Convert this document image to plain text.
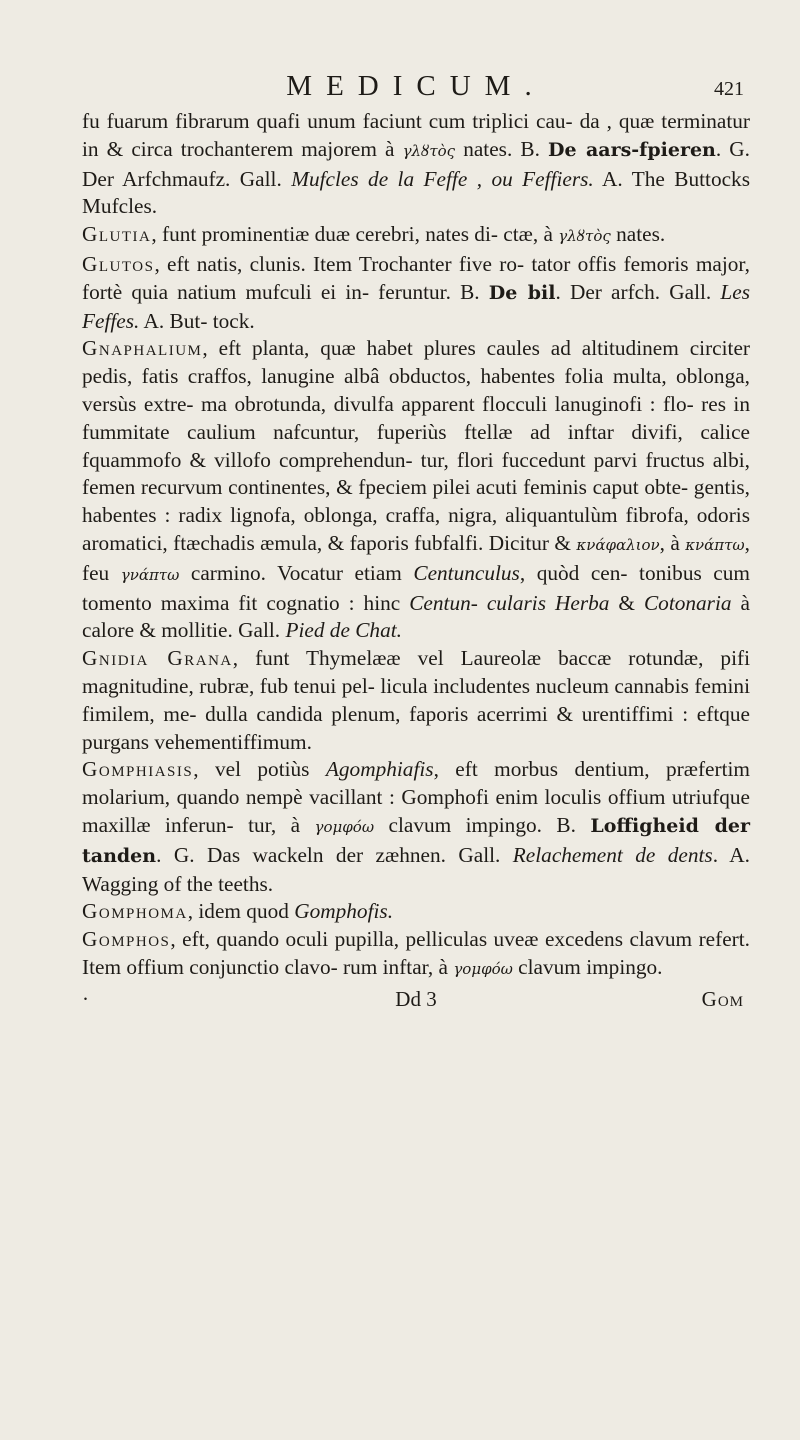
MEDICUM.	421

fu fuarum fibrarum quafi unum faciunt cum triplici cau- da , quæ terminatur in & circa trochanterem majorem à γλȣτὸς nates. B. De aars-fpieren. G. Der Arfchmaufz. Gall. Mufcles de la Feffe , ou Feffiers. A. The Buttocks Mufcles.

Glutia, funt prominentiæ duæ cerebri, nates di- ctæ, à γλȣτὸς nates.

Glutos, eft natis, clunis. Item Trochanter five ro- tator offis femoris major, fortè quia natium mufculi ei in- feruntur. B. De bil. Der arfch. Gall. Les Feffes. A. But- tock.

Gnaphalium, eft planta, quæ habet plures caules ad altitudinem circiter pedis, fatis craffos, lanugine albâ obductos, habentes folia multa, oblonga, versùs extre- ma obrotunda, divulfa apparent flocculi lanuginofi : flo- res in fummitate caulium nafcuntur, fuperiùs ftellæ ad inftar divifi, calice fquammofo & villofo comprehendun- tur, flori fuccedunt parvi fructus albi, femen recurvum continentes, & fpeciem pilei acuti feminis caput obte- gentis, habentes : radix lignofa, oblonga, craffa, nigra, aliquantulùm fibrofa, odoris aromatici, ftæchadis æmula, & faporis fubfalfi. Dicitur & κνάφαλιον, à κνάπτω, feu γνάπτω carmino. Vocatur etiam Centunculus, quòd cen- tonibus cum tomento maxima fit cognatio : hinc Centun- cularis Herba & Cotonaria à calore & mollitie. Gall. Pied de Chat.

Gnidia Grana, funt Thymelææ vel Laureolæ baccæ rotundæ, pifi magnitudine, rubræ, fub tenui pel- licula includentes nucleum cannabis femini fimilem, me- dulla candida plenum, faporis acerrimi & urentiffimi : eftque purgans vehementiffimum.

Gomphiasis, vel potiùs Agomphiafis, eft morbus dentium, præfertim molarium, quando nempè vacillant : Gomphofi enim loculis offium utriufque maxillæ inferun- tur, à γομφόω clavum impingo. B. Loffigheid der tanden. G. Das wackeln der zæhnen. Gall. Relachement de dents. A. Wagging of the teeths.

Gomphoma, idem quod Gomphofis.

Gomphos, eft, quando oculi pupilla, pelliculas uveæ excedens clavum refert. Item offium conjunctio clavo- rum inftar, à γομφόω clavum impingo.

·	Dd 3	Gom
